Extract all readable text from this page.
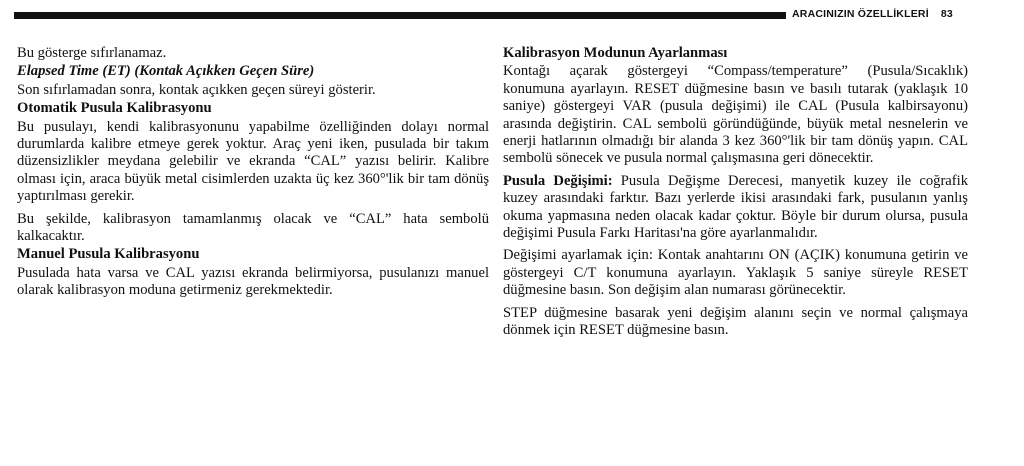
ARACINIZIN ÖZELLİKLERİ 83

Bu gösterge sıfırlanamaz.

Elapsed Time (ET) (Kontak Açıkken Geçen Süre)

Son sıfırlamadan sonra, kontak açıkken geçen süreyi gösterir.

Otomatik Pusula Kalibrasyonu

Bu pusulayı, kendi kalibrasyonunu yapabilme özelliğinden dolayı normal durumlarda kalibre etmeye gerek yoktur. Araç yeni iken, pusulada bir takım düzensizlikler meydana gelebilir ve ekranda “CAL” yazısı belirir. Kalibre olması için, araca büyük metal cisimlerden uzakta üç kez 360°'lik bir tam dönüş yaptırılması gerekir.

Bu şekilde, kalibrasyon tamamlanmış olacak ve “CAL” hata sembolü kalkacaktır.

Manuel Pusula Kalibrasyonu

Pusulada hata varsa ve CAL yazısı ekranda belirmiyorsa, pusulanızı manuel olarak kalibrasyon moduna getirmeniz gerekmektedir.

Kalibrasyon Modunun Ayarlanması

Kontağı açarak göstergeyi “Compass/temperature” (Pusula/Sıcaklık) konumuna ayarlayın. RESET düğmesine basın ve basılı tutarak (yaklaşık 10 saniye) göstergeyi VAR (pusula değişimi) ile CAL (Pusula kalbirsayonu) arasında değiştirin. CAL sembolü göründüğünde, büyük metal nesnelerin ve enerji hatlarının olmadığı bir alanda 3 kez 360°'lik bir tam dönüş yapın. CAL sembolü sönecek ve pusula normal çalışmasına geri dönecektir.

Pusula Değişimi: Pusula Değişme Derecesi, manyetik kuzey ile coğrafik kuzey arasındaki farktır. Bazı yerlerde ikisi arasındaki fark, pusulanın yanlış okuma yapmasına neden olacak kadar çoktur. Böyle bir durum olursa, pusula değişimi Pusula Farkı Haritası'na göre ayarlanmalıdır.

Değişimi ayarlamak için: Kontak anahtarını ON (AÇIK) konumuna getirin ve göstergeyi C/T konumuna ayarlayın. Yaklaşık 5 saniye süreyle RESET düğmesine basın. Son değişim alan numarası görünecektir.

STEP düğmesine basarak yeni değişim alanını seçin ve normal çalışmaya dönmek için RESET düğmesine basın.
